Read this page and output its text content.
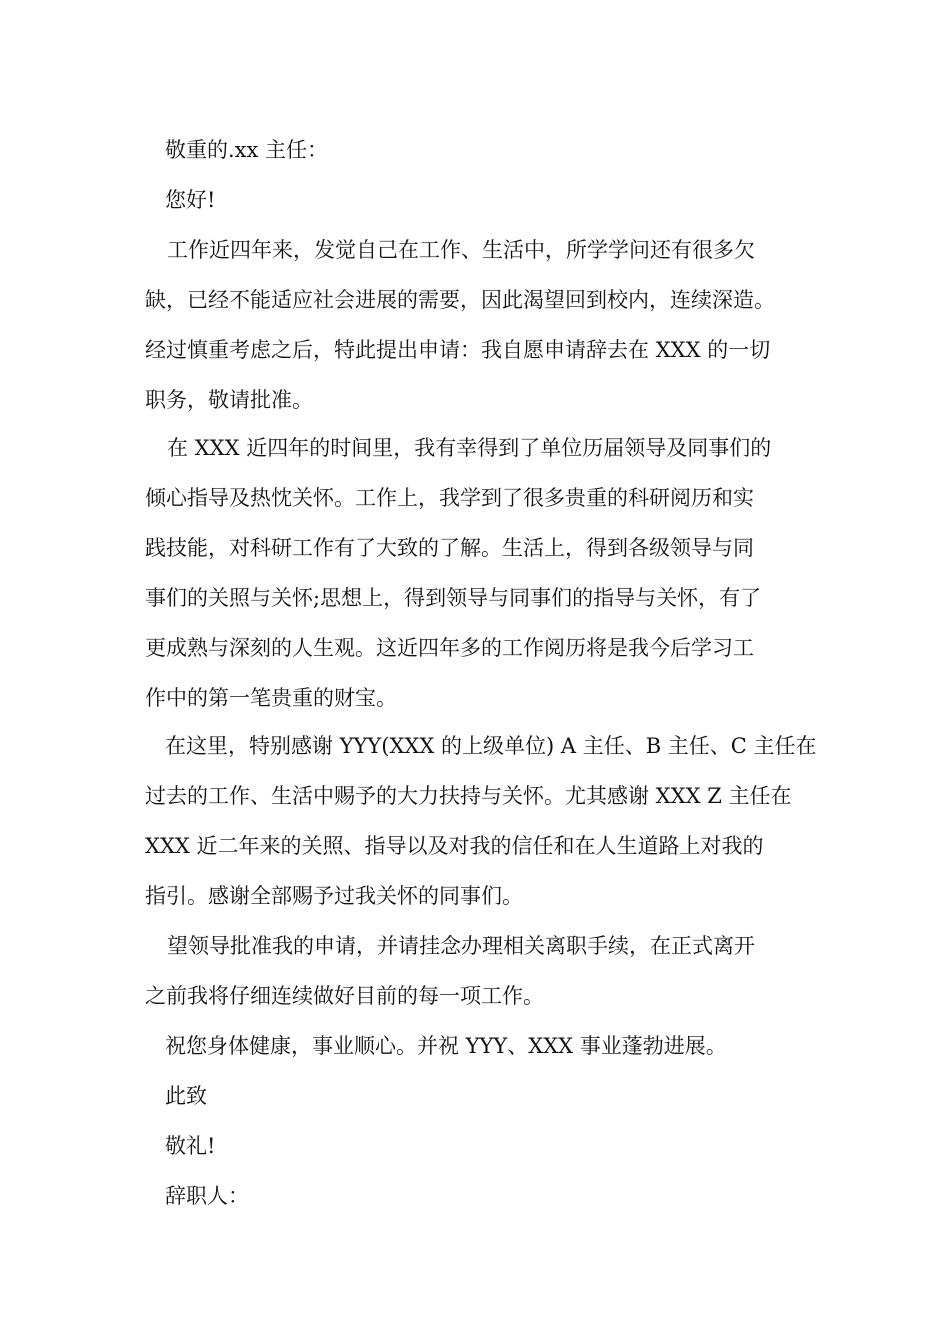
敬重的.xx 主任：
您好!
工作近四年来，发觉自己在工作、生活中，所学学问还有很多欠
缺，已经不能适应社会进展的需要，因此渴望回到校内，连续深造。
经过慎重考虑之后，特此提出申请：我自愿申请辞去在 XXX 的一切
职务，敬请批准。
在 XXX 近四年的时间里，我有幸得到了单位历届领导及同事们的
倾心指导及热忱关怀。工作上，我学到了很多贵重的科研阅历和实
践技能，对科研工作有了大致的了解。生活上，得到各级领导与同
事们的关照与关怀;思想上，得到领导与同事们的指导与关怀，有了
更成熟与深刻的人生观。这近四年多的工作阅历将是我今后学习工
作中的第一笔贵重的财宝。
在这里，特别感谢 YYY(XXX 的上级单位) A 主任、B 主任、C 主任在
过去的工作、生活中赐予的大力扶持与关怀。尤其感谢 XXX Z 主任在
XXX 近二年来的关照、指导以及对我的信任和在人生道路上对我的
指引。感谢全部赐予过我关怀的同事们。
望领导批准我的申请，并请挂念办理相关离职手续，在正式离开
之前我将仔细连续做好目前的每一项工作。
祝您身体健康，事业顺心。并祝 YYY、XXX 事业蓬勃进展。
此致
敬礼!
辞职人：
